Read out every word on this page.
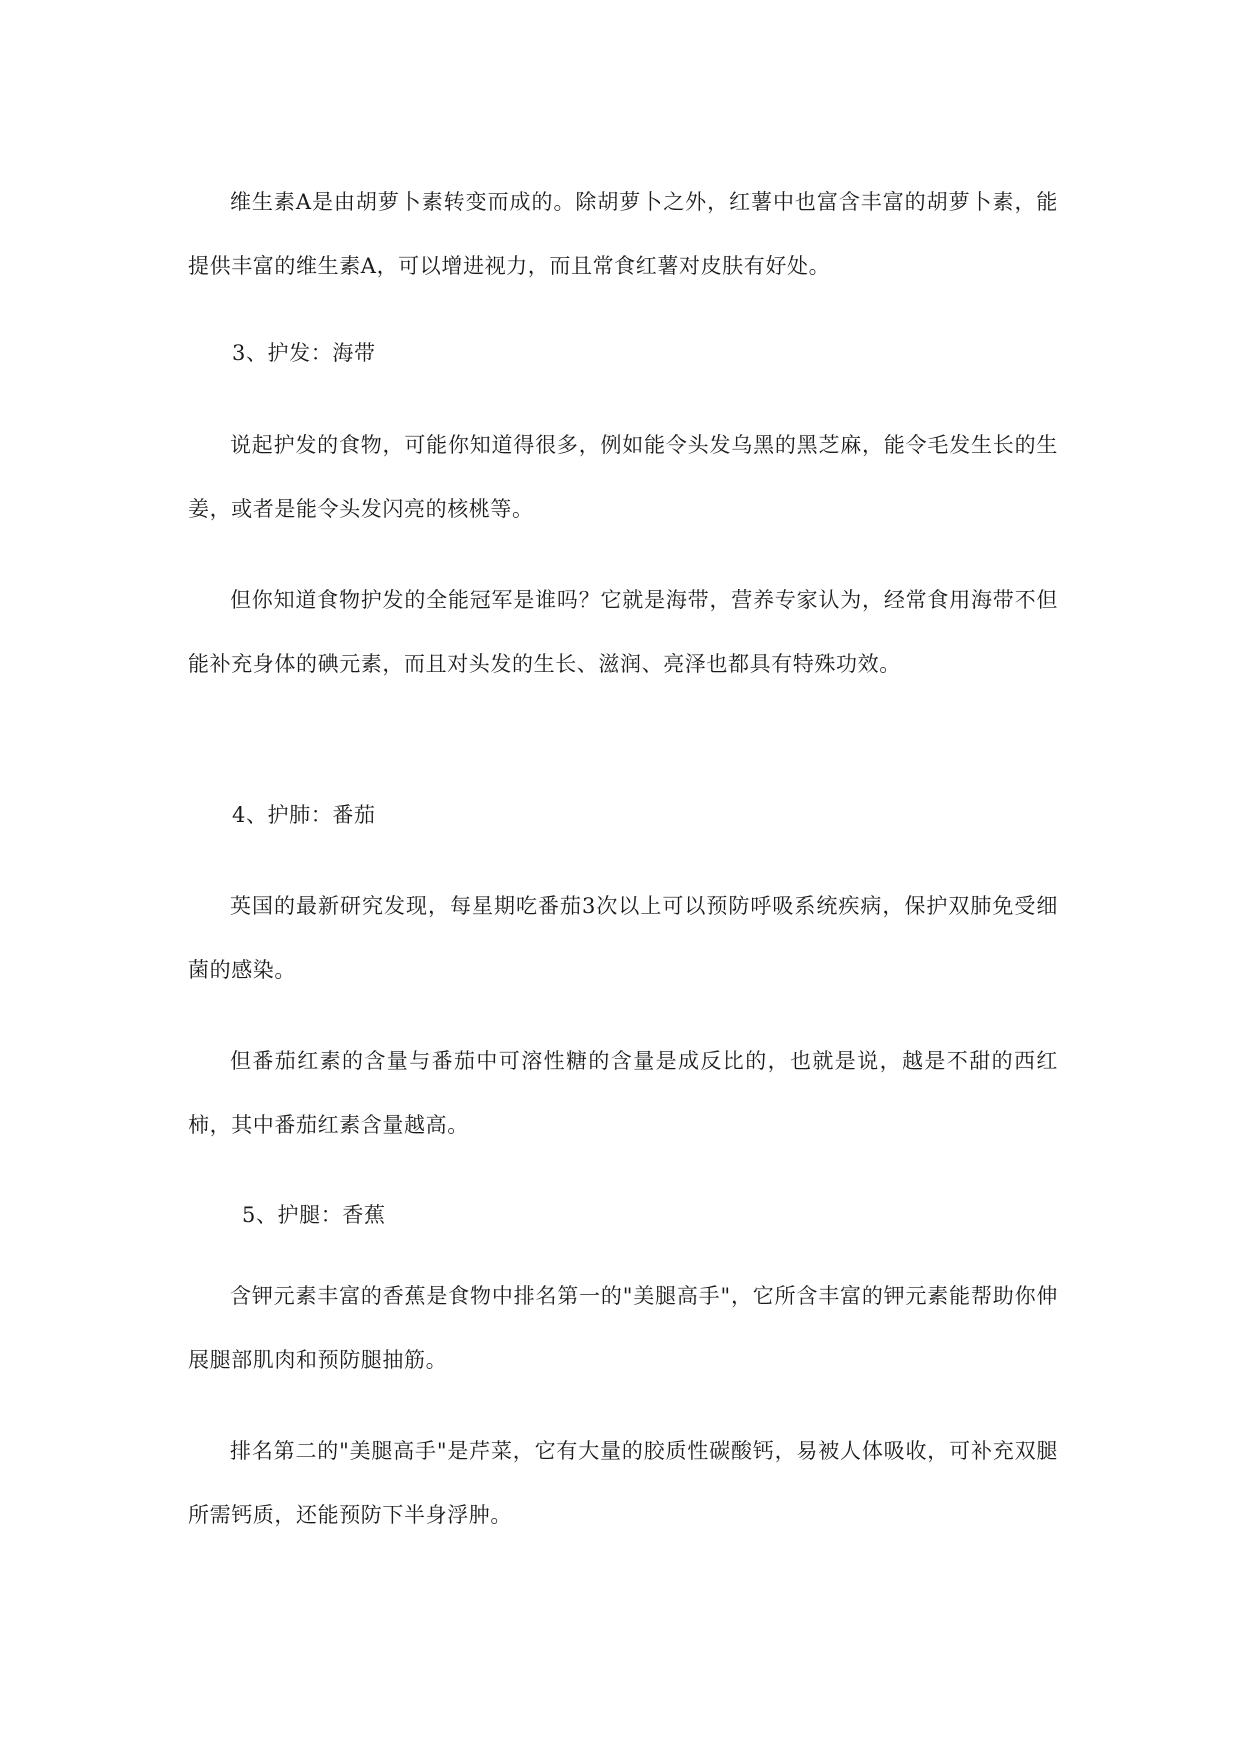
维生素A是由胡萝卜素转变而成的。除胡萝卜之外，红薯中也富含丰富的胡萝卜素，能提供丰富的维生素A，可以增进视力，而且常食红薯对皮肤有好处。

3、护发：海带

说起护发的食物，可能你知道得很多，例如能令头发乌黑的黑芝麻，能令毛发生长的生姜，或者是能令头发闪亮的核桃等。

但你知道食物护发的全能冠军是谁吗？它就是海带，营养专家认为，经常食用海带不但能补充身体的碘元素，而且对头发的生长、滋润、亮泽也都具有特殊功效。

4、护肺：番茄

英国的最新研究发现，每星期吃番茄3次以上可以预防呼吸系统疾病，保护双肺免受细菌的感染。

但番茄红素的含量与番茄中可溶性糖的含量是成反比的，也就是说，越是不甜的西红柿，其中番茄红素含量越高。

5、护腿：香蕉

含钾元素丰富的香蕉是食物中排名第一的"美腿高手"，它所含丰富的钾元素能帮助你伸展腿部肌肉和预防腿抽筋。

排名第二的"美腿高手"是芹菜，它有大量的胶质性碳酸钙，易被人体吸收，可补充双腿所需钙质，还能预防下半身浮肿。
